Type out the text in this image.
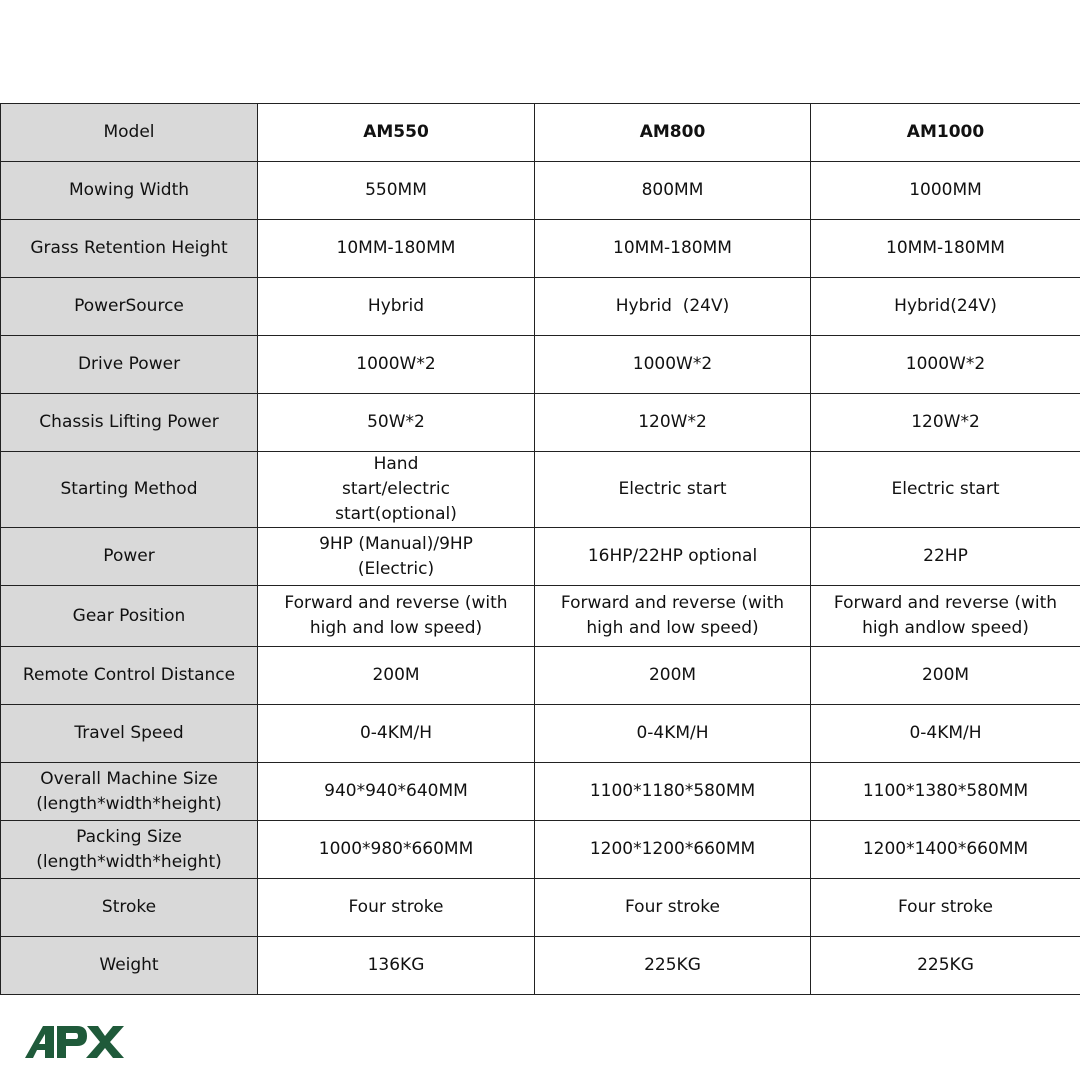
Model	AM550	AM800	AM1000
Mowing Width	550MM	800MM	1000MM
Grass Retention Height	10MM-180MM	10MM-180MM	10MM-180MM
PowerSource	Hybrid	Hybrid  (24V)	Hybrid(24V)
Drive Power	1000W*2	1000W*2	1000W*2
Chassis Lifting Power	50W*2	120W*2	120W*2
Starting Method	Hand start/electric start(optional)	Electric start	Electric start
Power	9HP (Manual)/9HP (Electric)	16HP/22HP optional	22HP
Gear Position	Forward and reverse (with high and low speed)	Forward and reverse (with high and low speed)	Forward and reverse (with high andlow speed)
Remote Control Distance	200M	200M	200M
Travel Speed	0-4KM/H	0-4KM/H	0-4KM/H
Overall Machine Size (length*width*height)	940*940*640MM	1100*1180*580MM	1100*1380*580MM
Packing Size (length*width*height)	1000*980*660MM	1200*1200*660MM	1200*1400*660MM
Stroke	Four stroke	Four stroke	Four stroke
Weight	136KG	225KG	225KG
